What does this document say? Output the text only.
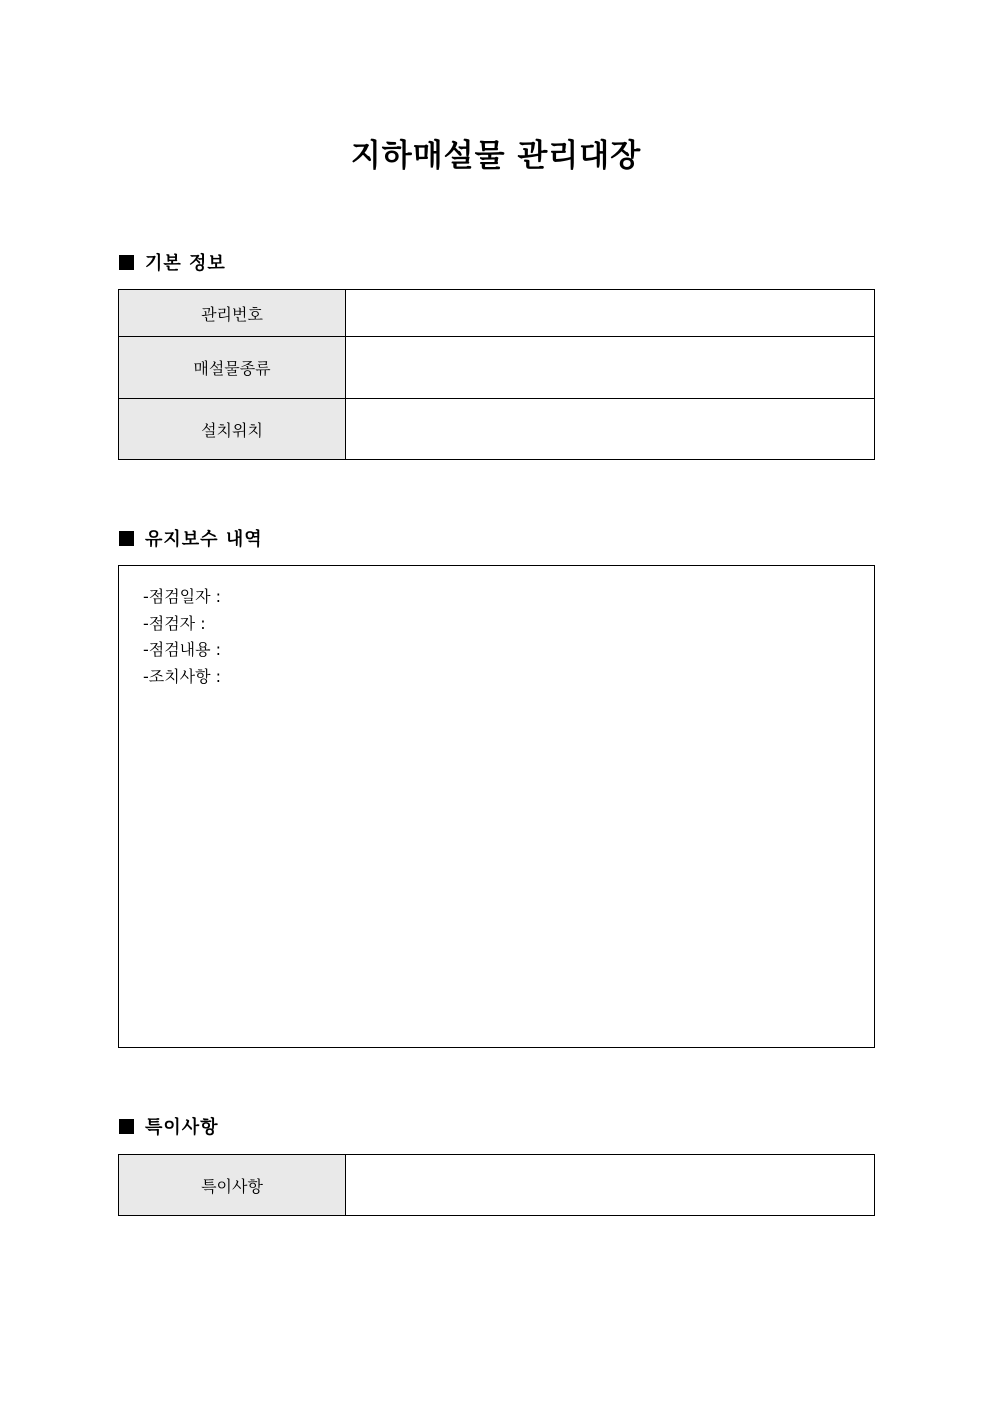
지하매설물 관리대장
기본 정보
관리번호	
매설물종류	
설치위치	
유지보수 내역
-점검일자 :
-점검자 :
-점검내용 :
-조치사항 :
특이사항
특이사항	
